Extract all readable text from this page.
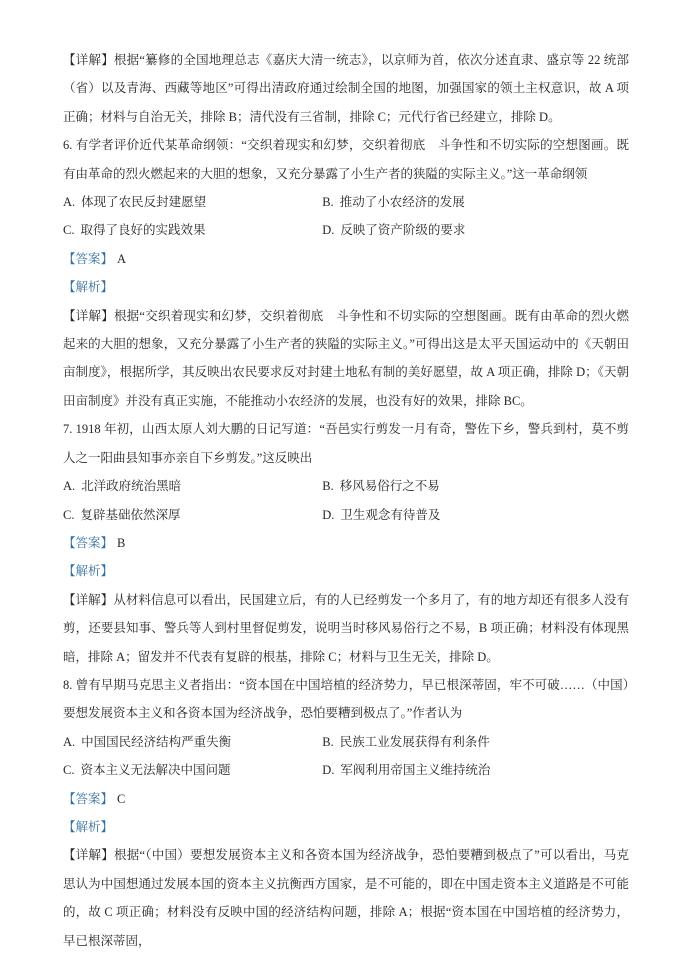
【详解】根据“纂修的全国地理总志《嘉庆大清一统志》，以京师为首，依次分述直隶、盛京等 22 统部（省）以及青海、西藏等地区”可得出清政府通过绘制全国的地图，加强国家的领土主权意识，故 A 项正确；材料与自治无关，排除 B；清代没有三省制，排除 C；元代行省已经建立，排除 D。

6. 有学者评价近代某革命纲领：“交织着现实和幻梦，交织着彻底　斗争性和不切实际的空想图画。既有由革命的烈火燃起来的大胆的想象，又充分暴露了小生产者的狭隘的实际主义。”这一革命纲领

A. 体现了农民反封建愿望	B. 推动了小农经济的发展

C. 取得了良好的实践效果	D. 反映了资产阶级的要求

【答案】 A

【解析】

【详解】根据“交织着现实和幻梦，交织着彻底　斗争性和不切实际的空想图画。既有由革命的烈火燃起来的大胆的想象，又充分暴露了小生产者的狭隘的实际主义。”可得出这是太平天国运动中的《天朝田亩制度》，根据所学，其反映出农民要求反对封建土地私有制的美好愿望，故 A 项正确，排除 D；《天朝田亩制度》并没有真正实施，不能推动小农经济的发展，也没有好的效果，排除 BC。

7. 1918 年初，山西太原人刘大鹏的日记写道：“吾邑实行剪发一月有奇，警佐下乡，警兵到村，莫不剪人之一阳曲县知事亦亲自下乡剪发。”这反映出

A. 北洋政府统治黑暗	B. 移风易俗行之不易

C. 复辟基础依然深厚	D. 卫生观念有待普及

【答案】 B

【解析】

【详解】从材料信息可以看出，民国建立后，有的人已经剪发一个多月了，有的地方却还有很多人没有剪，还要县知事、警兵等人到村里督促剪发，说明当时移风易俗行之不易，B 项正确；材料没有体现黑暗，排除 A；留发并不代表有复辟的根基，排除 C；材料与卫生无关，排除 D。

8. 曾有早期马克思主义者指出：“资本国在中国培植的经济势力，早已根深蒂固，牢不可破……（中国）要想发展资本主义和各资本国为经济战争，恐怕要糟到极点了。”作者认为

A. 中国国民经济结构严重失衡	B. 民族工业发展获得有利条件

C. 资本主义无法解决中国问题	D. 军阀利用帝国主义维持统治

【答案】 C

【解析】

【详解】根据“（中国）要想发展资本主义和各资本国为经济战争，恐怕要糟到极点了”可以看出，马克思认为中国想通过发展本国的资本主义抗衡西方国家，是不可能的，即在中国走资本主义道路是不可能的，故 C 项正确；材料没有反映中国的经济结构问题，排除 A；根据“资本国在中国培植的经济势力，早已根深蒂固，
